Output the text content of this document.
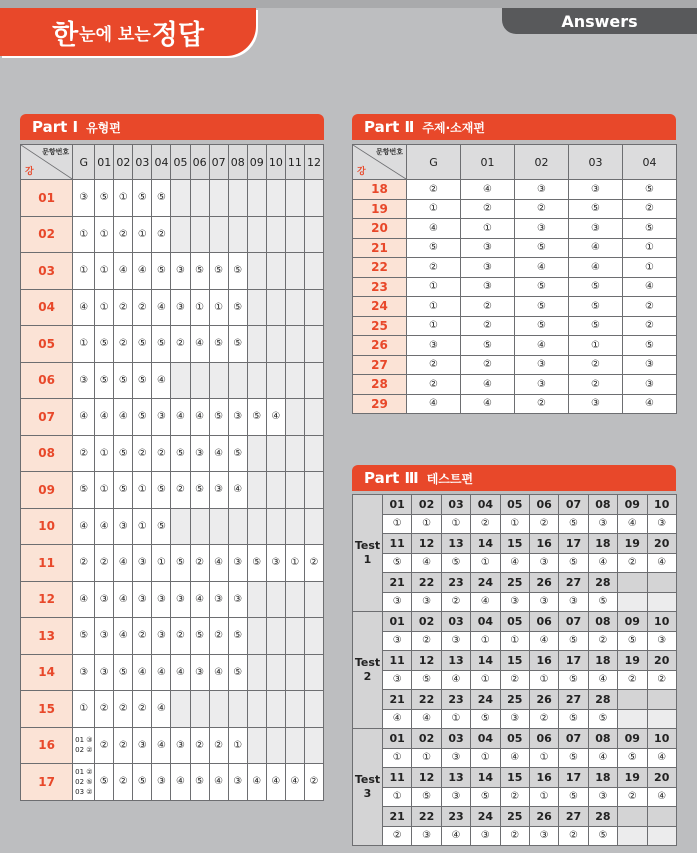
한 눈에 보는 정답	Answers
Part Ⅰ 유형편
문항번호
강	G	01	02	03	04	05	06	07	08	09	10	11	12
01	③	⑤	①	⑤	⑤								
02	①	①	②	①	②								
03	①	①	④	④	⑤	③	⑤	⑤	⑤				
04	④	①	②	②	④	③	①	①	⑤				
05	①	⑤	②	⑤	⑤	②	④	⑤	⑤				
06	③	⑤	⑤	⑤	④								
07	④	④	④	⑤	③	④	④	⑤	③	⑤	④		
08	②	①	⑤	②	②	⑤	③	④	⑤				
09	⑤	①	⑤	①	⑤	②	⑤	③	④				
10	④	④	③	①	⑤								
11	②	②	④	③	①	⑤	②	④	③	⑤	③	①	②
12	④	③	④	③	③	③	④	③	③				
13	⑤	③	④	②	③	②	⑤	②	⑤				
14	③	③	⑤	④	④	④	③	④	⑤				
15	①	②	②	②	④								
16	01 ③
02 ②	②	②	③	④	③	②	②	①				
17	01 ②
02 ⑤
03 ②	⑤	②	⑤	③	④	⑤	④	③	④	④	④	②
Part Ⅱ 주제·소재편
문항번호
강	G	01	02	03	04
18	②	④	③	③	⑤
19	①	②	②	⑤	②
20	④	①	③	③	⑤
21	⑤	③	⑤	④	①
22	②	③	④	④	①
23	①	③	⑤	⑤	④
24	①	②	⑤	⑤	②
25	①	②	⑤	⑤	②
26	③	⑤	④	①	⑤
27	②	②	③	②	③
28	②	④	③	②	③
29	④	④	②	③	④
Part Ⅲ 테스트편
Test
1	01	02	03	04	05	06	07	08	09	10
	①	①	①	②	①	②	⑤	③	④	③
	11	12	13	14	15	16	17	18	19	20
	⑤	④	⑤	①	④	③	⑤	④	②	④
	21	22	23	24	25	26	27	28		
	③	③	②	④	③	③	③	⑤		

Test
2	01	02	03	04	05	06	07	08	09	10
	③	②	③	①	①	④	⑤	②	⑤	③
	11	12	13	14	15	16	17	18	19	20
	③	⑤	④	①	②	①	⑤	④	②	②
	21	22	23	24	25	26	27	28		
	④	④	①	⑤	③	②	⑤	⑤		

Test
3	01	02	03	04	05	06	07	08	09	10
	①	①	③	①	④	①	⑤	④	⑤	④
	11	12	13	14	15	16	17	18	19	20
	①	⑤	③	⑤	②	①	⑤	③	②	④
	21	22	23	24	25	26	27	28		
	②	③	④	③	②	③	②	⑤		
